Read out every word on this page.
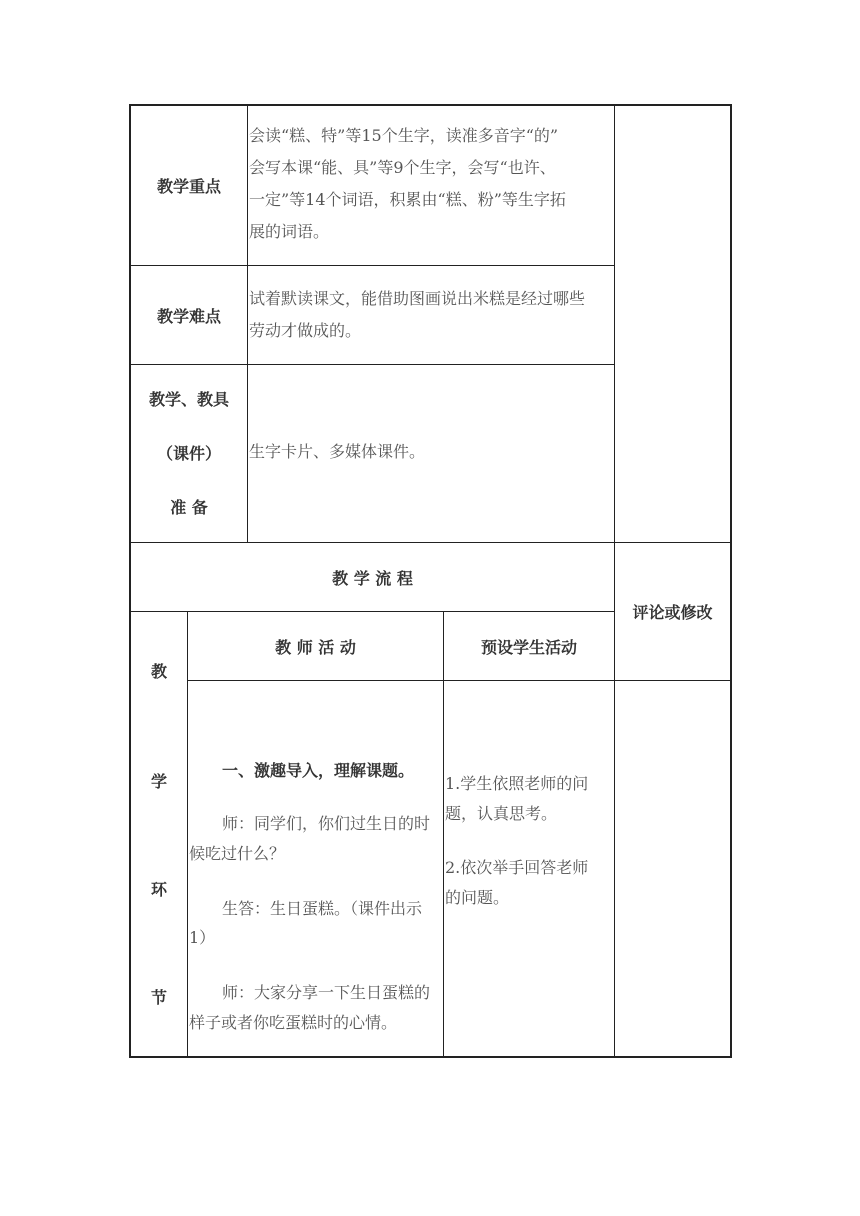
教学重点
会读“糕、特”等15个生字，读准多音字“的”
会写本课“能、具”等9个生字，会写“也许、
一定”等14个词语，积累由“糕、粉”等生字拓
展的词语。
教学难点
试着默读课文，能借助图画说出米糕是经过哪些
劳动才做成的。
教学、教具
（课件）
准 备
生字卡片、多媒体课件。
教 学 流 程
评论或修改
教
学
环
节
教 师 活 动	预设学生活动
一、激趣导入，理解课题。
师：同学们，你们过生日的时
候吃过什么？
生答：生日蛋糕。（课件出示
1）
师：大家分享一下生日蛋糕的
样子或者你吃蛋糕时的心情。
1.学生依照老师的问
题，认真思考。
2.依次举手回答老师
的问题。
